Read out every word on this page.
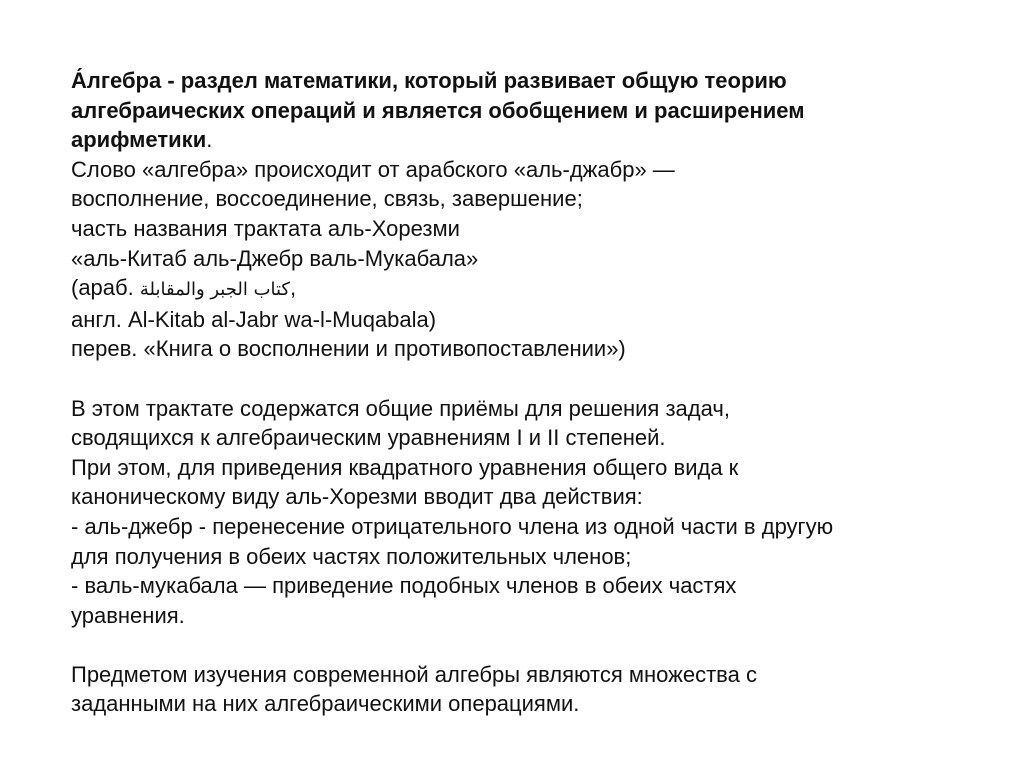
А́лгебра - раздел математики, который развивает общую теорию
алгебраических операций и является обобщением и расширением
арифметики.
Слово «алгебра» происходит от арабского «аль-джабр» —
восполнение, воссоединение, связь, завершение;
часть названия трактата аль-Хорезми
«аль-Китаб аль-Джебр валь-Мукабала»
(араб. كتاب الجبر والمقابلة,
англ. Al-Kitab al-Jabr wa-l-Muqabala)
перев. «Книга о восполнении и противопоставлении»)
В этом трактате содержатся общие приёмы для решения задач,
сводящихся к алгебраическим уравнениям I и II степеней.
При этом, для приведения квадратного уравнения общего вида к
каноническому виду аль-Хорезми вводит два действия:
- аль-джебр - перенесение отрицательного члена из одной части в другую
для получения в обеих частях положительных членов;
- валь-мукабала — приведение подобных членов в обеих частях
уравнения.
Предметом изучения современной алгебры являются множества с
заданными на них алгебраическими операциями.
